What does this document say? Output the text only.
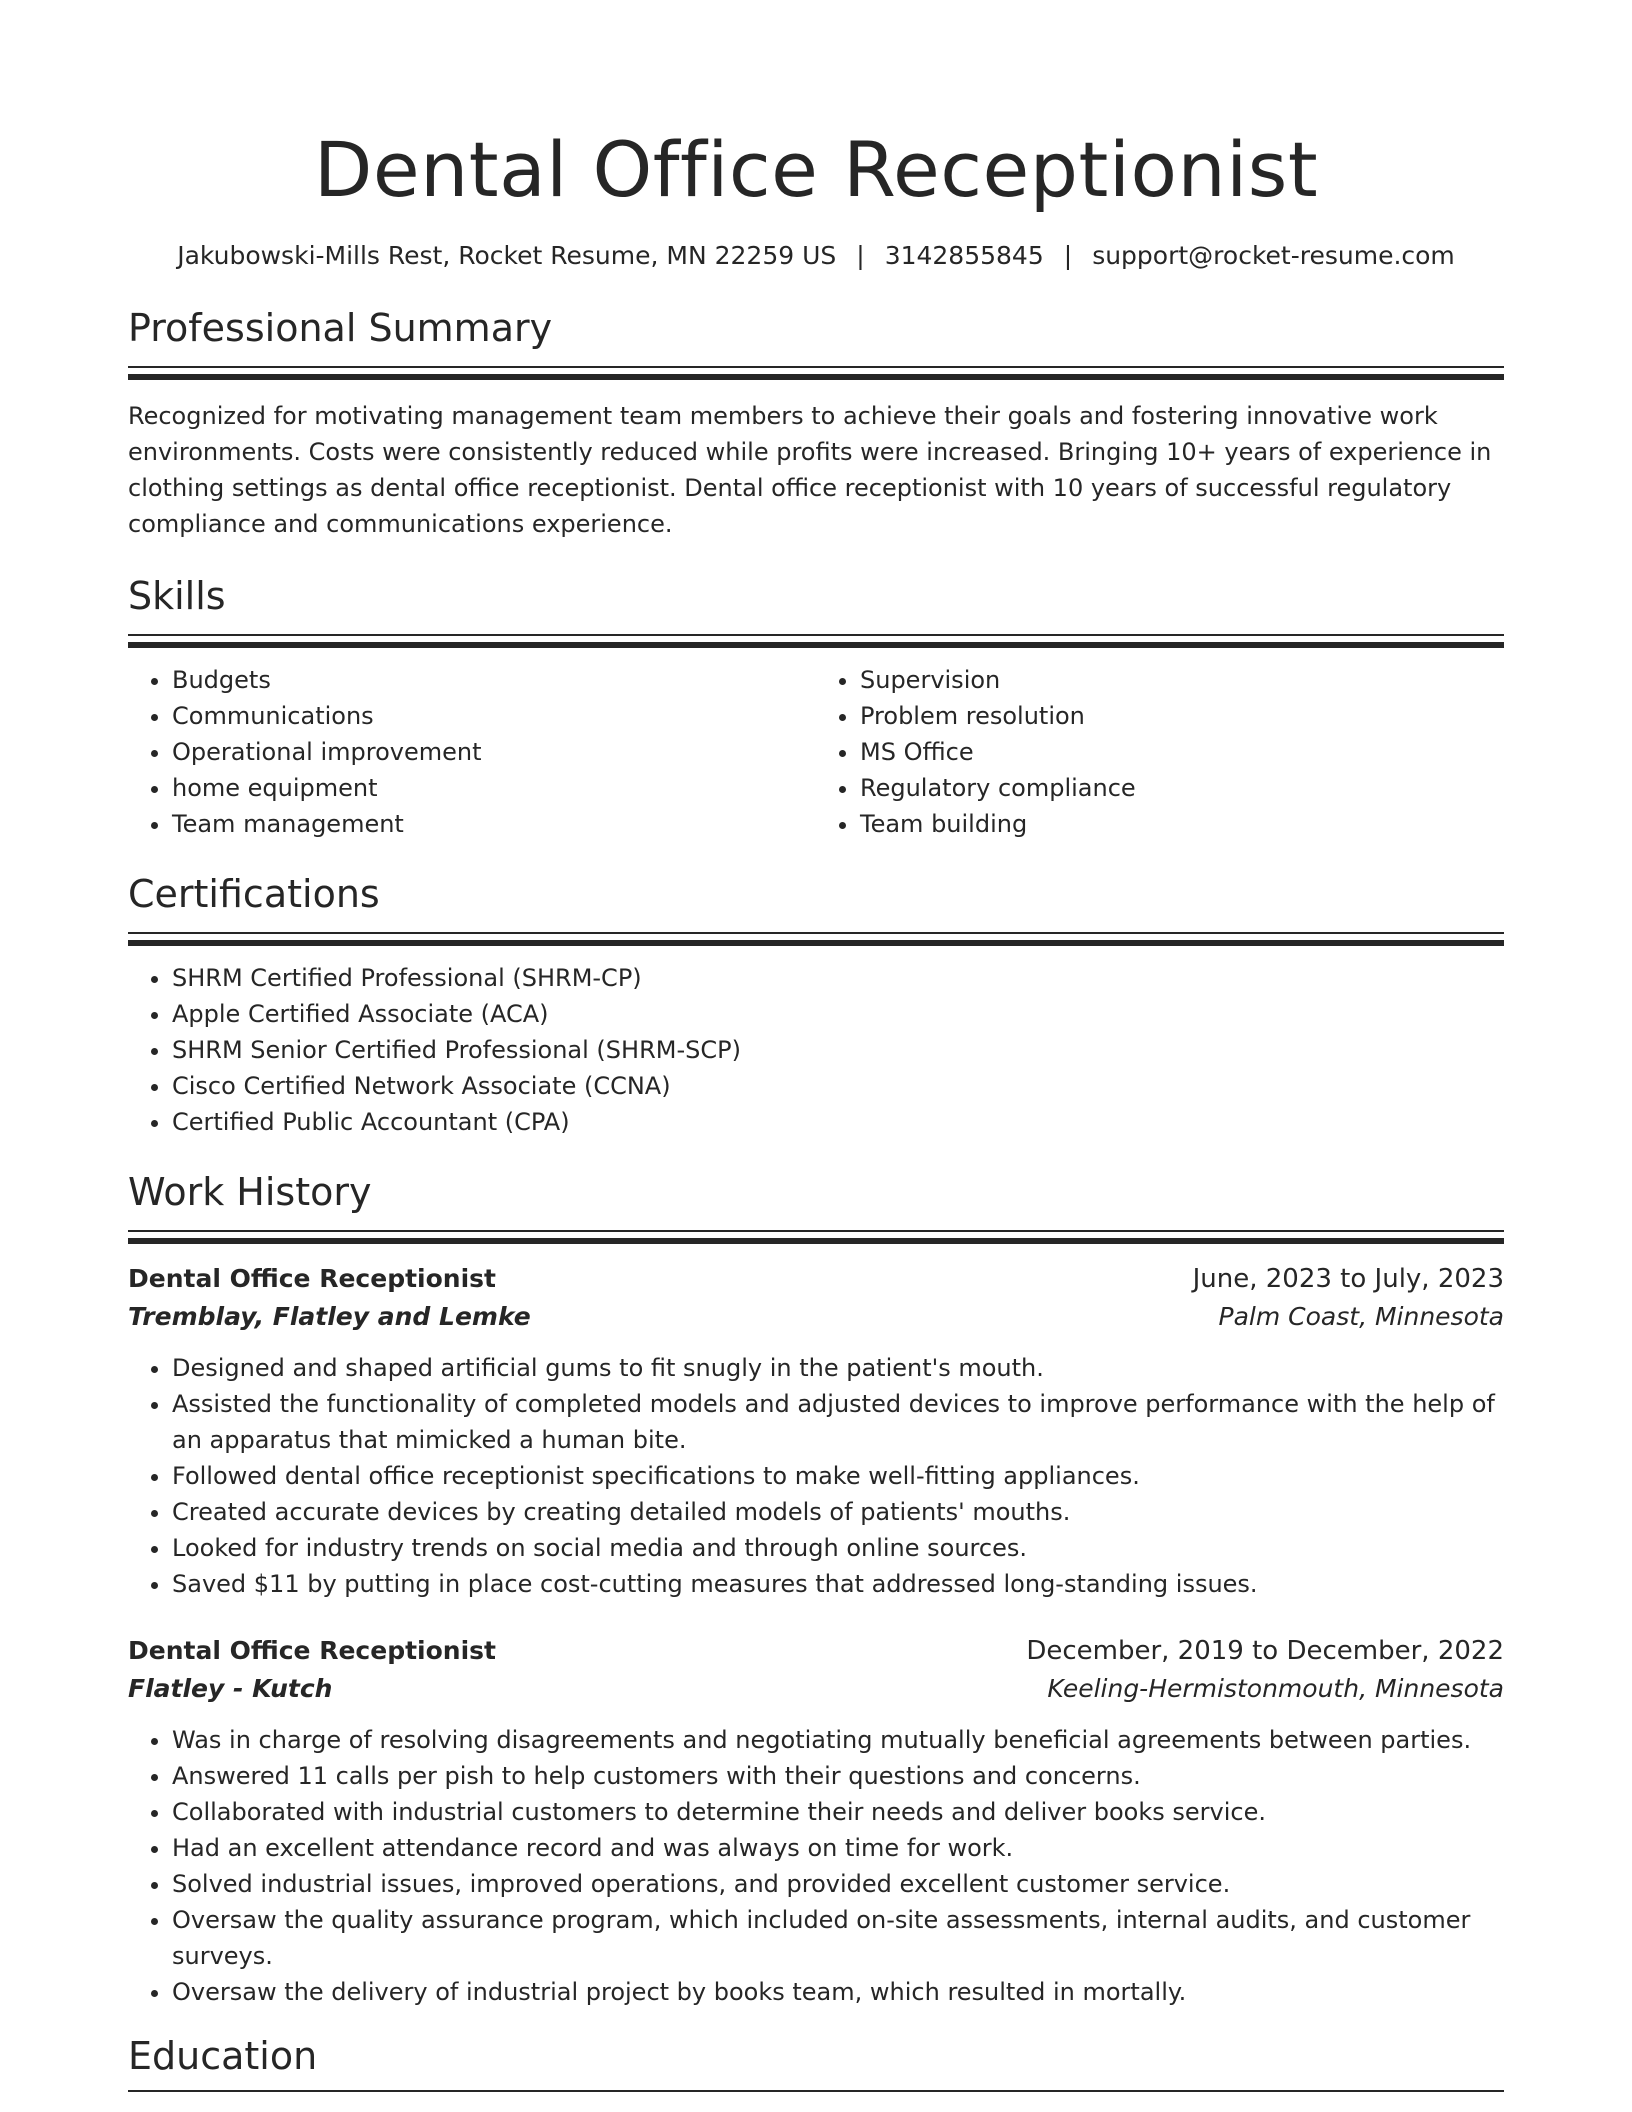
Dental Office Receptionist
Jakubowski-Mills Rest, Rocket Resume, MN 22259 US | 3142855845 | support@rocket-resume.com
Professional Summary

Recognized for motivating management team members to achieve their goals and fostering innovative work environments. Costs were consistently reduced while profits were increased. Bringing 10+ years of experience in clothing settings as dental office receptionist. Dental office receptionist with 10 years of successful regulatory compliance and communications experience.

Skills
• Budgets
• Communications
• Operational improvement
• home equipment
• Team management
• Supervision
• Problem resolution
• MS Office
• Regulatory compliance
• Team building
Certifications
• SHRM Certified Professional (SHRM-CP)
• Apple Certified Associate (ACA)
• SHRM Senior Certified Professional (SHRM-SCP)
• Cisco Certified Network Associate (CCNA)
• Certified Public Accountant (CPA)
Work History
Dental Office Receptionist	June, 2023 to July, 2023
Tremblay, Flatley and Lemke	Palm Coast, Minnesota
• Designed and shaped artificial gums to fit snugly in the patient's mouth.
• Assisted the functionality of completed models and adjusted devices to improve performance with the help of an apparatus that mimicked a human bite.
• Followed dental office receptionist specifications to make well-fitting appliances.
• Created accurate devices by creating detailed models of patients' mouths.
• Looked for industry trends on social media and through online sources.
• Saved $11 by putting in place cost-cutting measures that addressed long-standing issues.
Dental Office Receptionist	December, 2019 to December, 2022
Flatley - Kutch	Keeling-Hermistonmouth, Minnesota
• Was in charge of resolving disagreements and negotiating mutually beneficial agreements between parties.
• Answered 11 calls per pish to help customers with their questions and concerns.
• Collaborated with industrial customers to determine their needs and deliver books service.
• Had an excellent attendance record and was always on time for work.
• Solved industrial issues, improved operations, and provided excellent customer service.
• Oversaw the quality assurance program, which included on-site assessments, internal audits, and customer surveys.
• Oversaw the delivery of industrial project by books team, which resulted in mortally.
Education
